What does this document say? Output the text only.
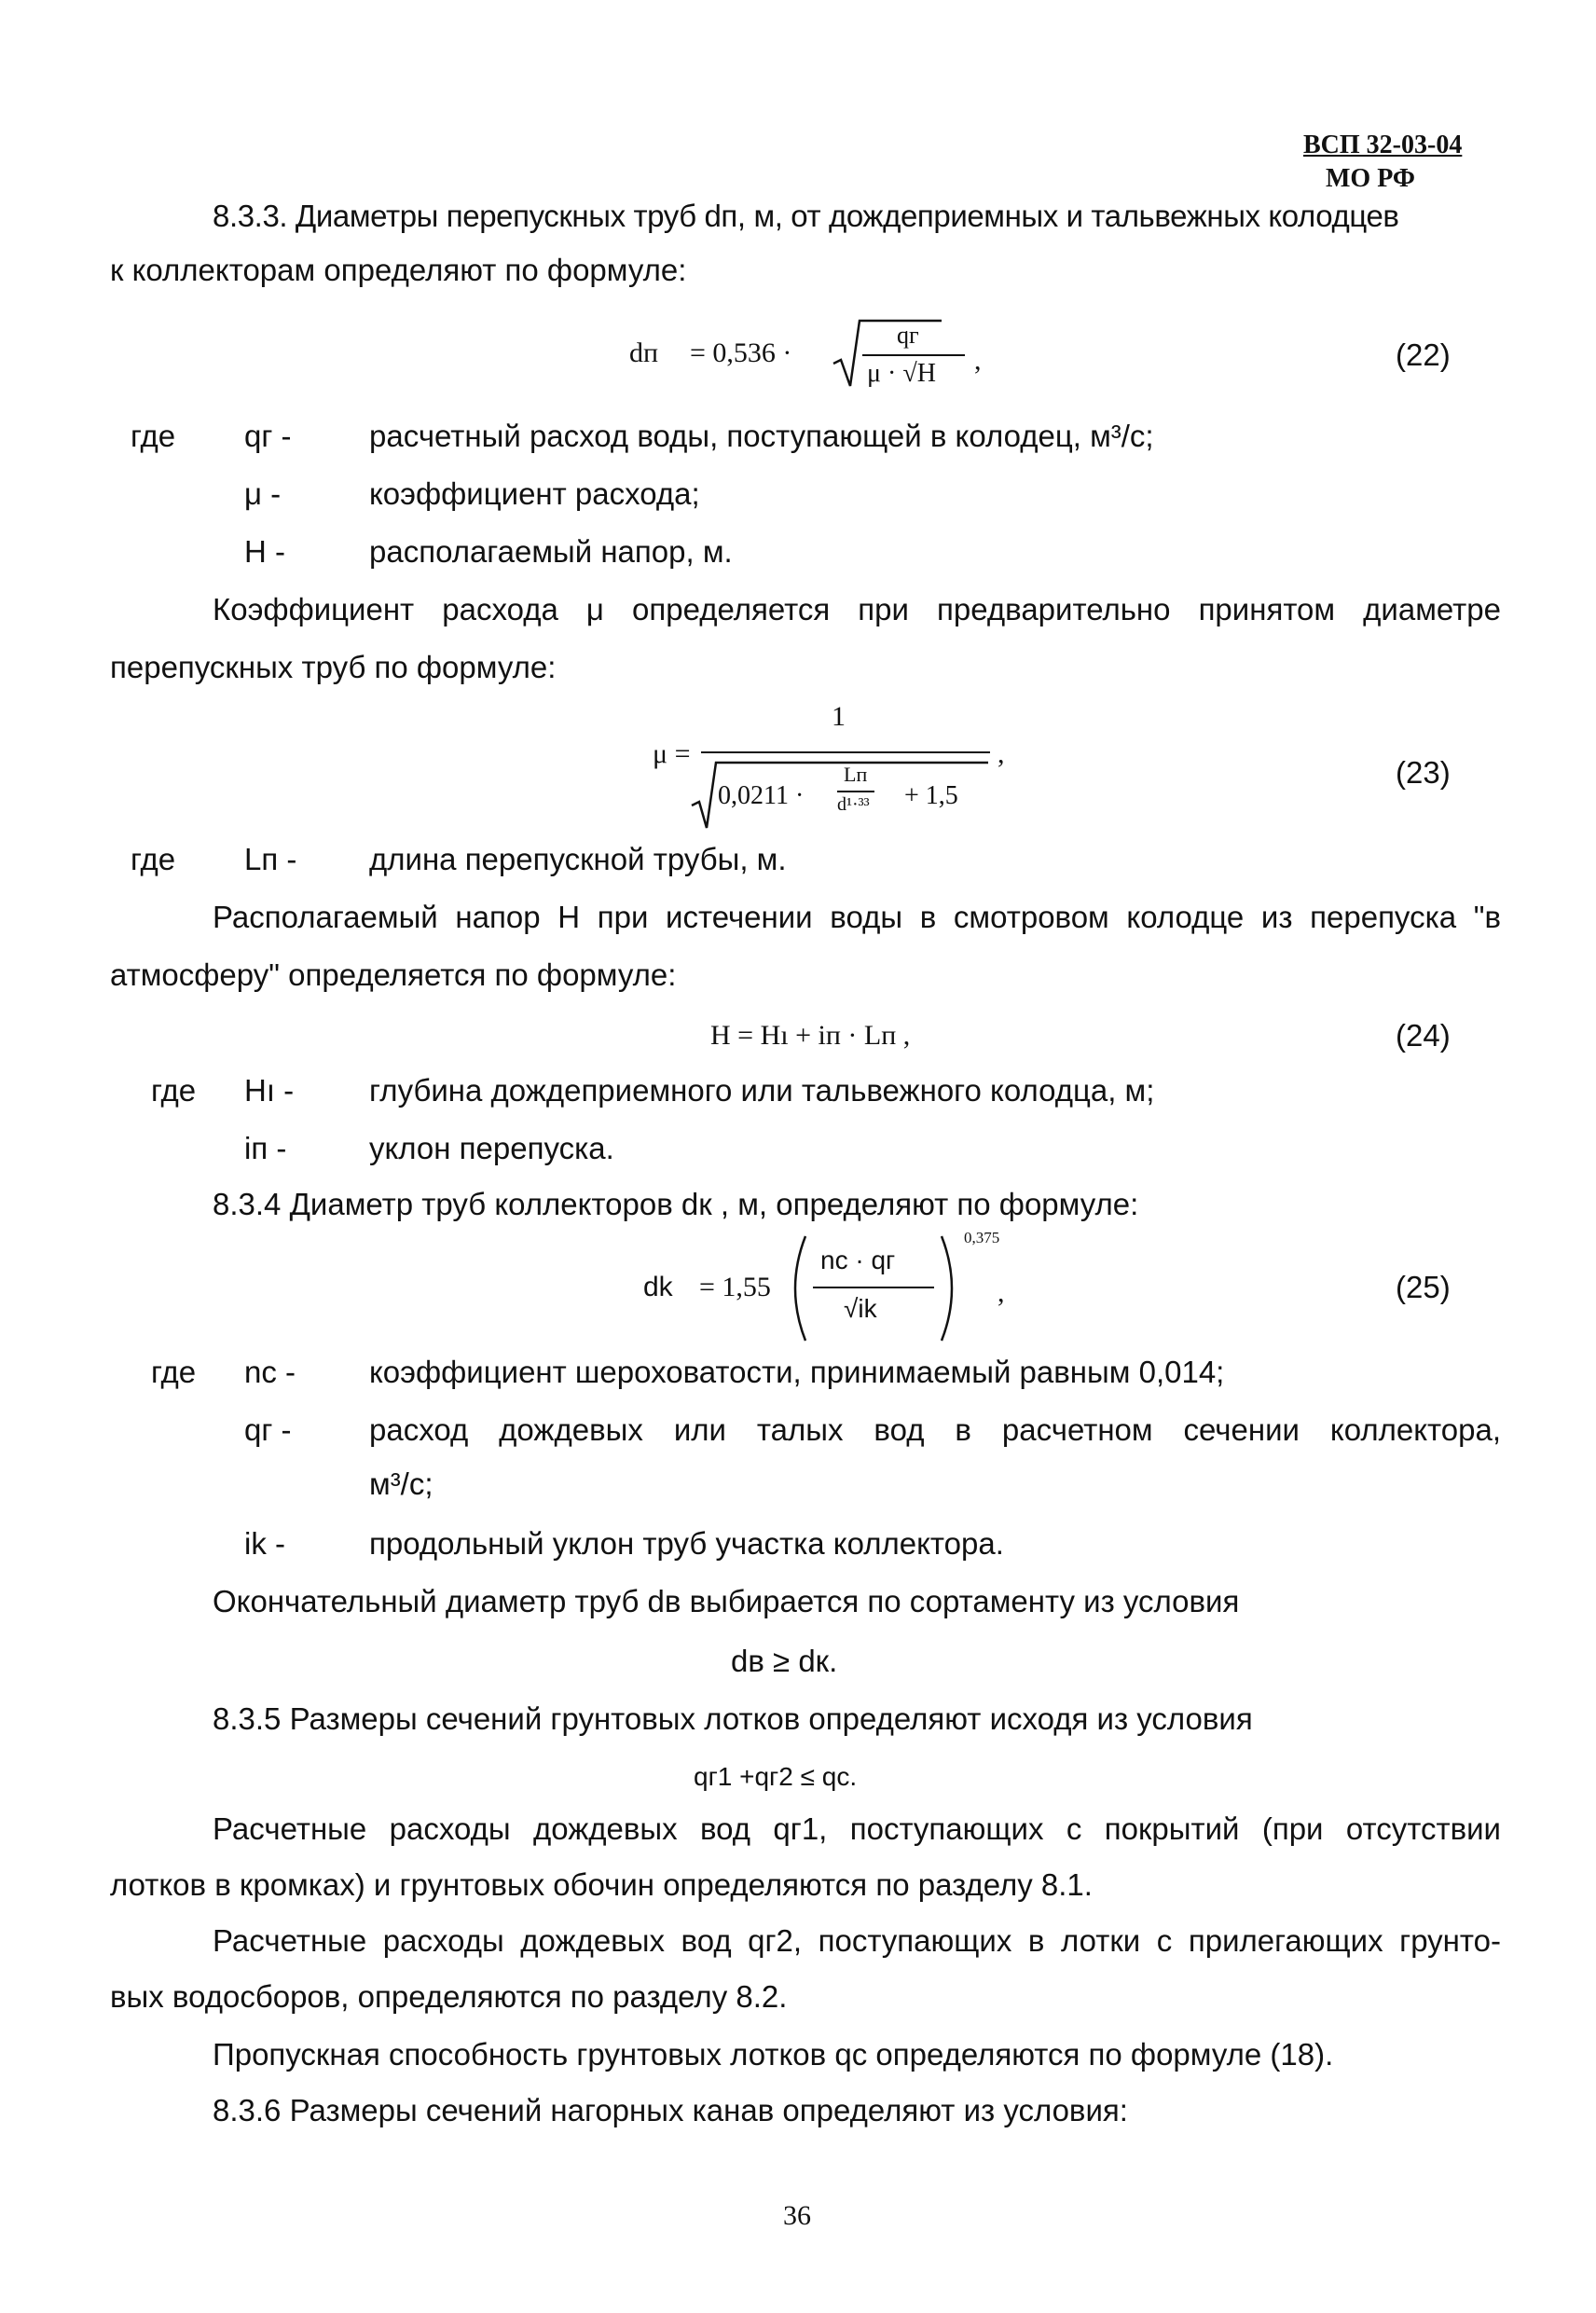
ВСП 32-03-04
МО РФ
8.3.3. Диаметры перепускных труб dп, м, от дождеприемных и тальвежных колодцев
к коллекторам определяют по формуле:
dп = 0,536 ·
qг
μ · √H ,	(22)
где qг -	расчетный расход воды, поступающей в колодец, м³/с;
μ -	коэффициент расхода;
Н -	располагаемый напор, м.
Коэффициент расхода μ определяется при предварительно принятом диаметре
перепускных труб по формуле:
μ =
1
0,0211 ·
Lп
d¹·³³ + 1,5
,
(23)
где Lп - длина перепускной трубы, м.
Располагаемый напор Н при истечении воды в смотровом колодце из перепуска "в
атмосферу" определяется по формуле:
H = Hı + iп · Lп ,	(24)
где Hı - глубина дождеприемного или тальвежного колодца, м;
iп -	уклон перепуска.
8.3.4 Диаметр труб коллекторов dк , м, определяют по формуле:
dk = 1,55
nс · qг
√ik
0,375
,	(25)
где nс - коэффициент шероховатости, принимаемый равным 0,014;
qг -	расход дождевых или талых вод в расчетном сечении коллектора,
м³/с;
ik -	продольный уклон труб участка коллектора.
Окончательный диаметр труб dв выбирается по сортаменту из условия
dв ≥ dк.
8.3.5 Размеры сечений грунтовых лотков определяют исходя из условия
qг1 +qг2 ≤ qс.
Расчетные расходы дождевых вод qг1, поступающих с покрытий (при отсутствии
лотков в кромках) и грунтовых обочин определяются по разделу 8.1.
Расчетные расходы дождевых вод qг2, поступающих в лотки с прилегающих грунто-
вых водосборов, определяются по разделу 8.2.
Пропускная способность грунтовых лотков qс определяются по формуле (18).
8.3.6 Размеры сечений нагорных канав определяют из условия:
36
